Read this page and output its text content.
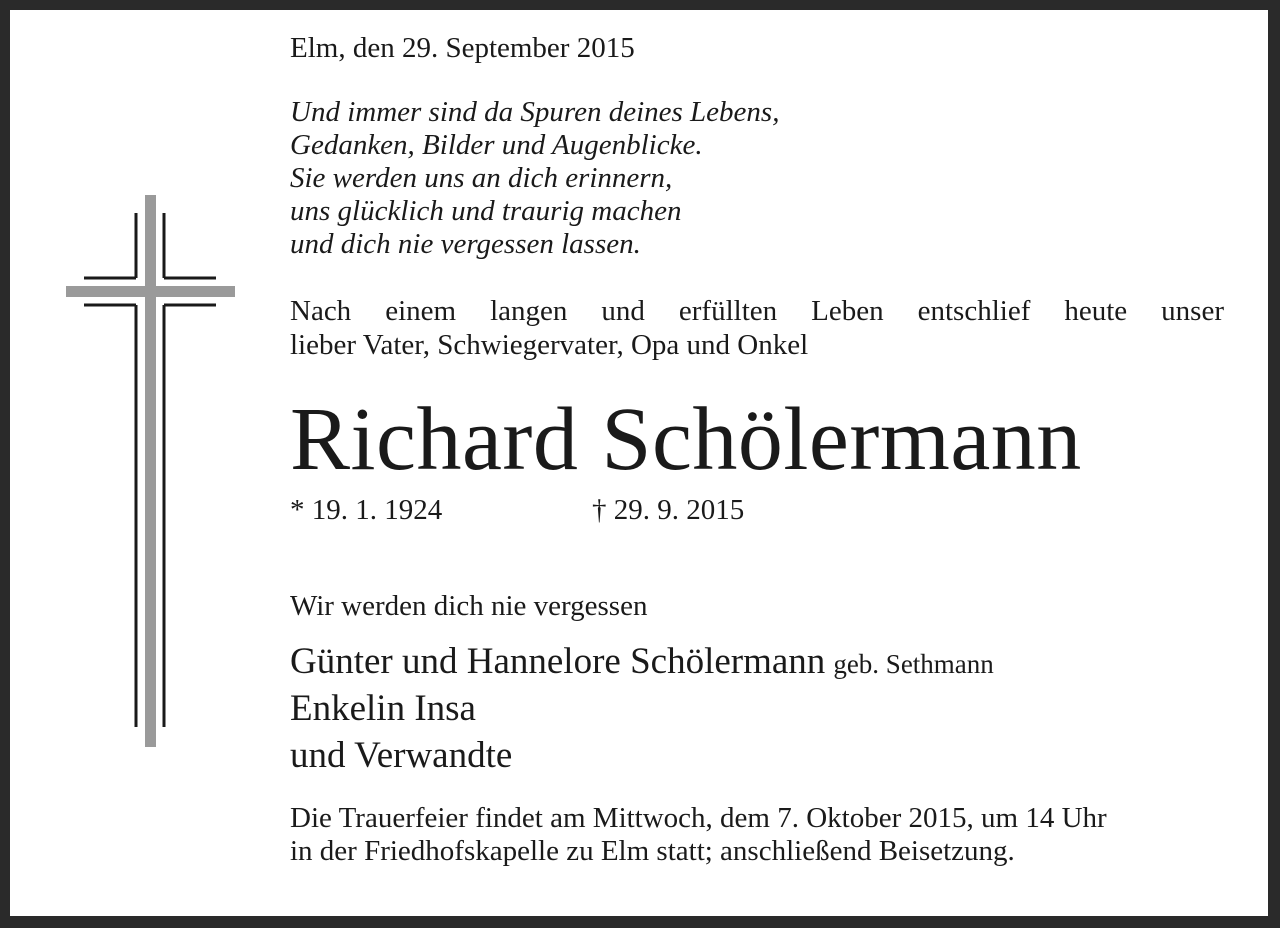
Elm, den 29. September 2015
Und immer sind da Spuren deines Lebens,
Gedanken, Bilder und Augenblicke.
Sie werden uns an dich erinnern,
uns glücklich und traurig machen
und dich nie vergessen lassen.
Nach einem langen und erfüllten Leben entschlief heute unser
lieber Vater, Schwiegervater, Opa und Onkel
Richard Schölermann
* 19. 1. 1924	† 29. 9. 2015
Wir werden dich nie vergessen
Günter und Hannelore Schölermann geb. Sethmann
Enkelin Insa
und Verwandte
Die Trauerfeier findet am Mittwoch, dem 7. Oktober 2015, um 14 Uhr
in der Friedhofskapelle zu Elm statt; anschließend Beisetzung.
